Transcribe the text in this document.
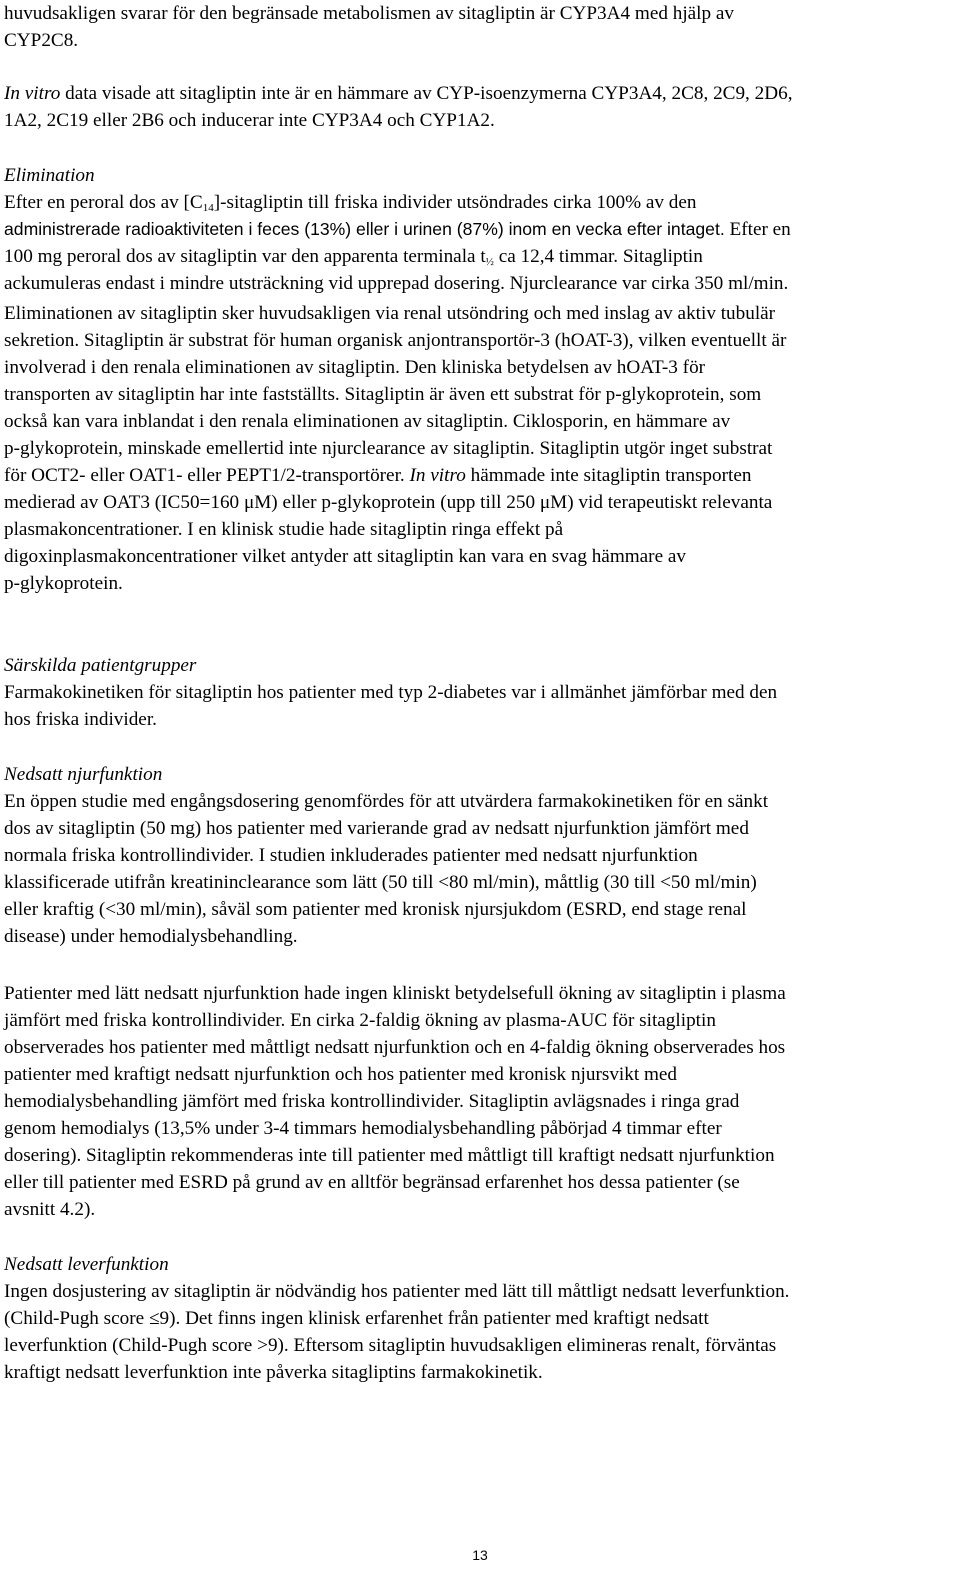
huvudsakligen svarar för den begränsade metabolismen av sitagliptin är CYP3A4 med hjälp av
CYP2C8.
In vitro data visade att sitagliptin inte är en hämmare av CYP-isoenzymerna CYP3A4, 2C8, 2C9, 2D6,
1A2, 2C19 eller 2B6 och inducerar inte CYP3A4 och CYP1A2.
Elimination
Efter en peroral dos av $[C_{14}]$-sitagliptin till friska individer utsöndrades cirka 100% av den
administrerade radioaktiviteten i feces (13%) eller i urinen (87%) inom en vecka efter intaget. Efter en
100 mg peroral dos av sitagliptin var den apparenta terminala $t_{\frac{1}{2}}$ ca 12,4 timmar. Sitagliptin
ackumuleras endast i mindre utsträckning vid upprepad dosering. Njurclearance var cirka 350 ml/min.
Eliminationen av sitagliptin sker huvudsakligen via renal utsöndring och med inslag av aktiv tubulär
sekretion. Sitagliptin är substrat för human organisk anjontransportör-3 (hOAT-3), vilken eventuellt är
involverad i den renala eliminationen av sitagliptin. Den kliniska betydelsen av hOAT-3 för
transporten av sitagliptin har inte fastställts. Sitagliptin är även ett substrat för p-glykoprotein, som
också kan vara inblandat i den renala eliminationen av sitagliptin. Ciklosporin, en hämmare av
p-glykoprotein, minskade emellertid inte njurclearance av sitagliptin. Sitagliptin utgör inget substrat
för OCT2- eller OAT1- eller PEPT1/2-transportörer. In vitro hämmade inte sitagliptin transporten
medierad av OAT3 (IC50=160 μM) eller p-glykoprotein (upp till 250 μM) vid terapeutiskt relevanta
plasmakoncentrationer. I en klinisk studie hade sitagliptin ringa effekt på
digoxinplasmakoncentrationer vilket antyder att sitagliptin kan vara en svag hämmare av
p-glykoprotein.
Särskilda patientgrupper
Farmakokinetiken för sitagliptin hos patienter med typ 2-diabetes var i allmänhet jämförbar med den
hos friska individer.
Nedsatt njurfunktion
En öppen studie med engångsdosering genomfördes för att utvärdera farmakokinetiken för en sänkt
dos av sitagliptin (50 mg) hos patienter med varierande grad av nedsatt njurfunktion jämfört med
normala friska kontrollindivider. I studien inkluderades patienter med nedsatt njurfunktion
klassificerade utifrån kreatininclearance som lätt (50 till <80 ml/min), måttlig (30 till <50 ml/min)
eller kraftig (<30 ml/min), såväl som patienter med kronisk njursjukdom (ESRD, end stage renal
disease) under hemodialysbehandling.
Patienter med lätt nedsatt njurfunktion hade ingen kliniskt betydelsefull ökning av sitagliptin i plasma
jämfört med friska kontrollindivider. En cirka 2-faldig ökning av plasma-AUC för sitagliptin
observerades hos patienter med måttligt nedsatt njurfunktion och en 4-faldig ökning observerades hos
patienter med kraftigt nedsatt njurfunktion och hos patienter med kronisk njursvikt med
hemodialysbehandling jämfört med friska kontrollindivider. Sitagliptin avlägsnades i ringa grad
genom hemodialys (13,5% under 3-4 timmars hemodialysbehandling påbörjad 4 timmar efter
dosering). Sitagliptin rekommenderas inte till patienter med måttligt till kraftigt nedsatt njurfunktion
eller till patienter med ESRD på grund av en alltför begränsad erfarenhet hos dessa patienter (se
avsnitt 4.2).
Nedsatt leverfunktion
Ingen dosjustering av sitagliptin är nödvändig hos patienter med lätt till måttligt nedsatt leverfunktion.
(Child-Pugh score ≤9). Det finns ingen klinisk erfarenhet från patienter med kraftigt nedsatt
leverfunktion (Child-Pugh score >9). Eftersom sitagliptin huvudsakligen elimineras renalt, förväntas
kraftigt nedsatt leverfunktion inte påverka sitagliptins farmakokinetik.
13
